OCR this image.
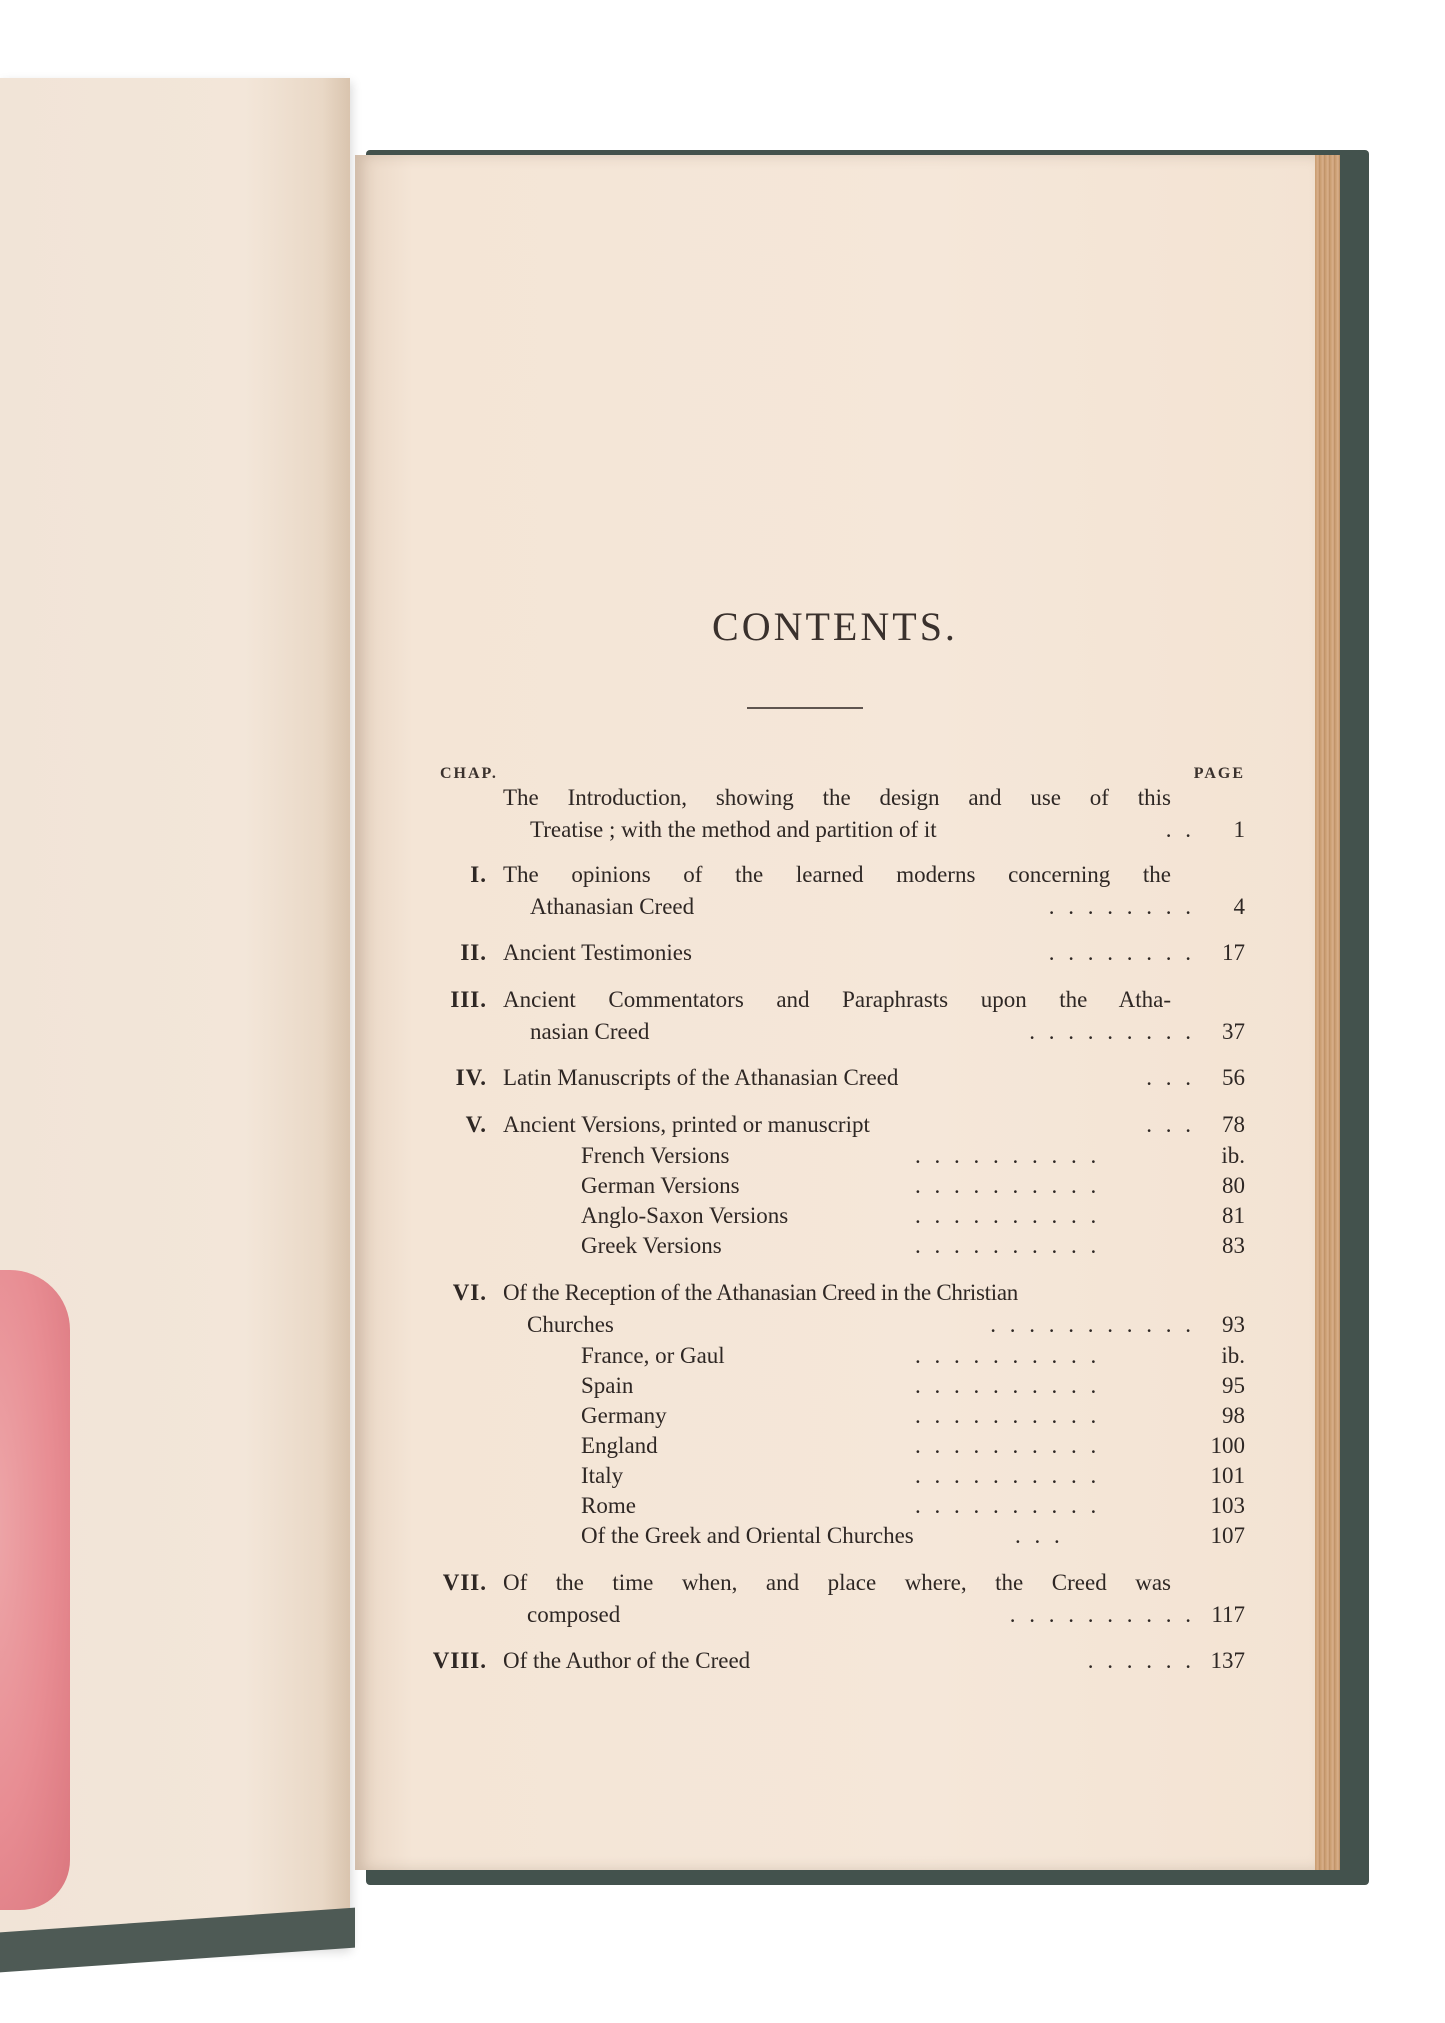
CONTENTS.
CHAP.	PAGE
The Introduction, showing the design and use of this
Treatise ; with the method and partition of it	. .	1
I. The opinions of the learned moderns concerning the
Athanasian Creed	. . . . . . . .	4
II. Ancient Testimonies	. . . . . . . .	17
III. Ancient Commentators and Paraphrasts upon the Atha-
nasian Creed	. . . . . . . . .	37
IV. Latin Manuscripts of the Athanasian Creed	. . .	56
V. Ancient Versions, printed or manuscript	. . .	78
French Versions	. . . . . . . . . .	ib.
German Versions	. . . . . . . . . .	80
Anglo-Saxon Versions	. . . . . . . . . .	81
Greek Versions	. . . . . . . . . .	83
VI. Of the Reception of the Athanasian Creed in the Christian
Churches	. . . . . . . . . . .	93
France, or Gaul	. . . . . . . . . .	ib.
Spain	. . . . . . . . . .	95
Germany	. . . . . . . . . .	98
England	. . . . . . . . . .	100
Italy	. . . . . . . . . .	101
Rome	. . . . . . . . . .	103
Of the Greek and Oriental Churches	. . .	107
VII. Of the time when, and place where, the Creed was
composed	. . . . . . . . . . 117
VIII. Of the Author of the Creed	. . . . . . 137
